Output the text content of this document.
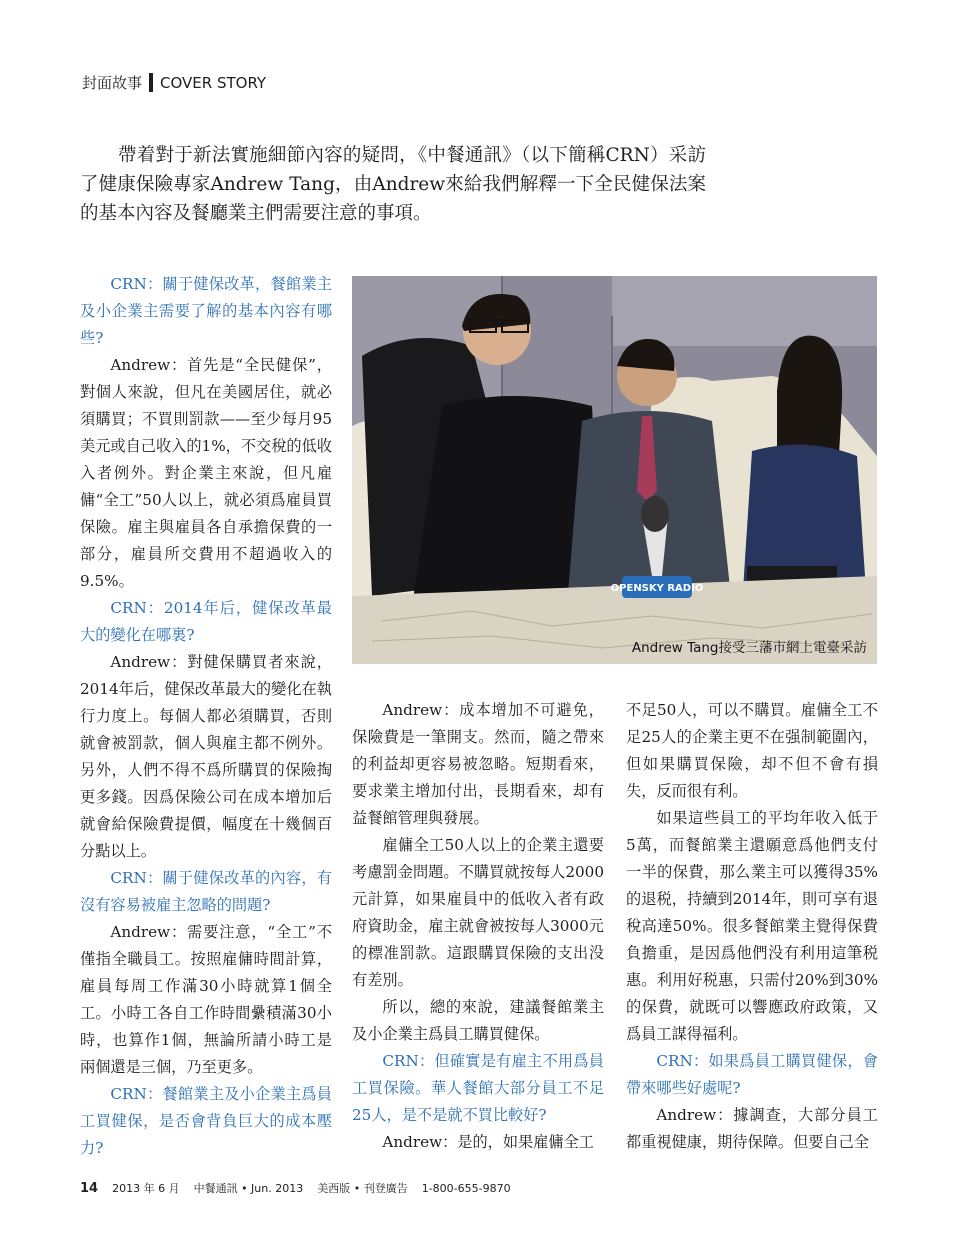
封面故事 COVER STORY

帶着對于新法實施細節內容的疑問，《中餐通訊》（以下簡稱CRN）采訪了健康保險專家Andrew Tang，由Andrew來給我們解釋一下全民健保法案的基本內容及餐廳業主們需要注意的事項。

CRN：關于健保改革，餐館業主及小企業主需要了解的基本內容有哪些?

Andrew：首先是“全民健保”，對個人來說，但凡在美國居住，就必須購買；不買則罰款——至少每月95美元或自己收入的1%，不交稅的低收入者例外。對企業主來說，但凡雇傭“全工”50人以上，就必須爲雇員買保險。雇主與雇員各自承擔保費的一部分，雇員所交費用不超過收入的9.5%。

CRN：2014年后，健保改革最大的變化在哪裏?

Andrew：對健保購買者來說，2014年后，健保改革最大的變化在執行力度上。每個人都必須購買，否則就會被罰款，個人與雇主都不例外。另外，人們不得不爲所購買的保險掏更多錢。因爲保險公司在成本增加后就會給保險費提價，幅度在十幾個百分點以上。

CRN：關于健保改革的內容，有沒有容易被雇主忽略的問題?

Andrew：需要注意，“全工”不僅指全職員工。按照雇傭時間計算，雇員每周工作滿30小時就算1個全工。小時工各自工作時間纍積滿30小時，也算作1個，無論所請小時工是兩個還是三個，乃至更多。

CRN：餐館業主及小企業主爲員工買健保，是否會背負巨大的成本壓力?

OPENSKY RADIO
Andrew Tang接受三藩市網上電臺采訪

Andrew：成本增加不可避免，保險費是一筆開支。然而，隨之帶來的利益却更容易被忽略。短期看來，要求業主增加付出，長期看來，却有益餐館管理與發展。

雇傭全工50人以上的企業主還要考慮罰金問題。不購買就按每人2000元計算，如果雇員中的低收入者有政府資助金，雇主就會被按每人3000元的標准罰款。這跟購買保險的支出没有差別。

所以，總的來說，建議餐館業主及小企業主爲員工購買健保。

CRN：但確實是有雇主不用爲員工買保險。華人餐館大部分員工不足25人，是不是就不買比較好?

Andrew：是的，如果雇傭全工

不足50人，可以不購買。雇傭全工不足25人的企業主更不在强制範圍內，但如果購買保險，却不但不會有損失，反而很有利。

如果這些員工的平均年收入低于5萬，而餐館業主還願意爲他們支付一半的保費，那么業主可以獲得35%的退税，持續到2014年，則可享有退稅高達50%。很多餐館業主覺得保費負擔重，是因爲他們没有利用這筆税惠。利用好税惠，只需付20%到30%的保費，就既可以響應政府政策，又爲員工謀得福利。

CRN：如果爲員工購買健保，會帶來哪些好處呢?

Andrew：據調查，大部分員工都重視健康，期待保障。但要自己全

14 2013 年 6 月 中餐通訊 • Jun. 2013 美西版 • 刊登廣告 1-800-655-9870
